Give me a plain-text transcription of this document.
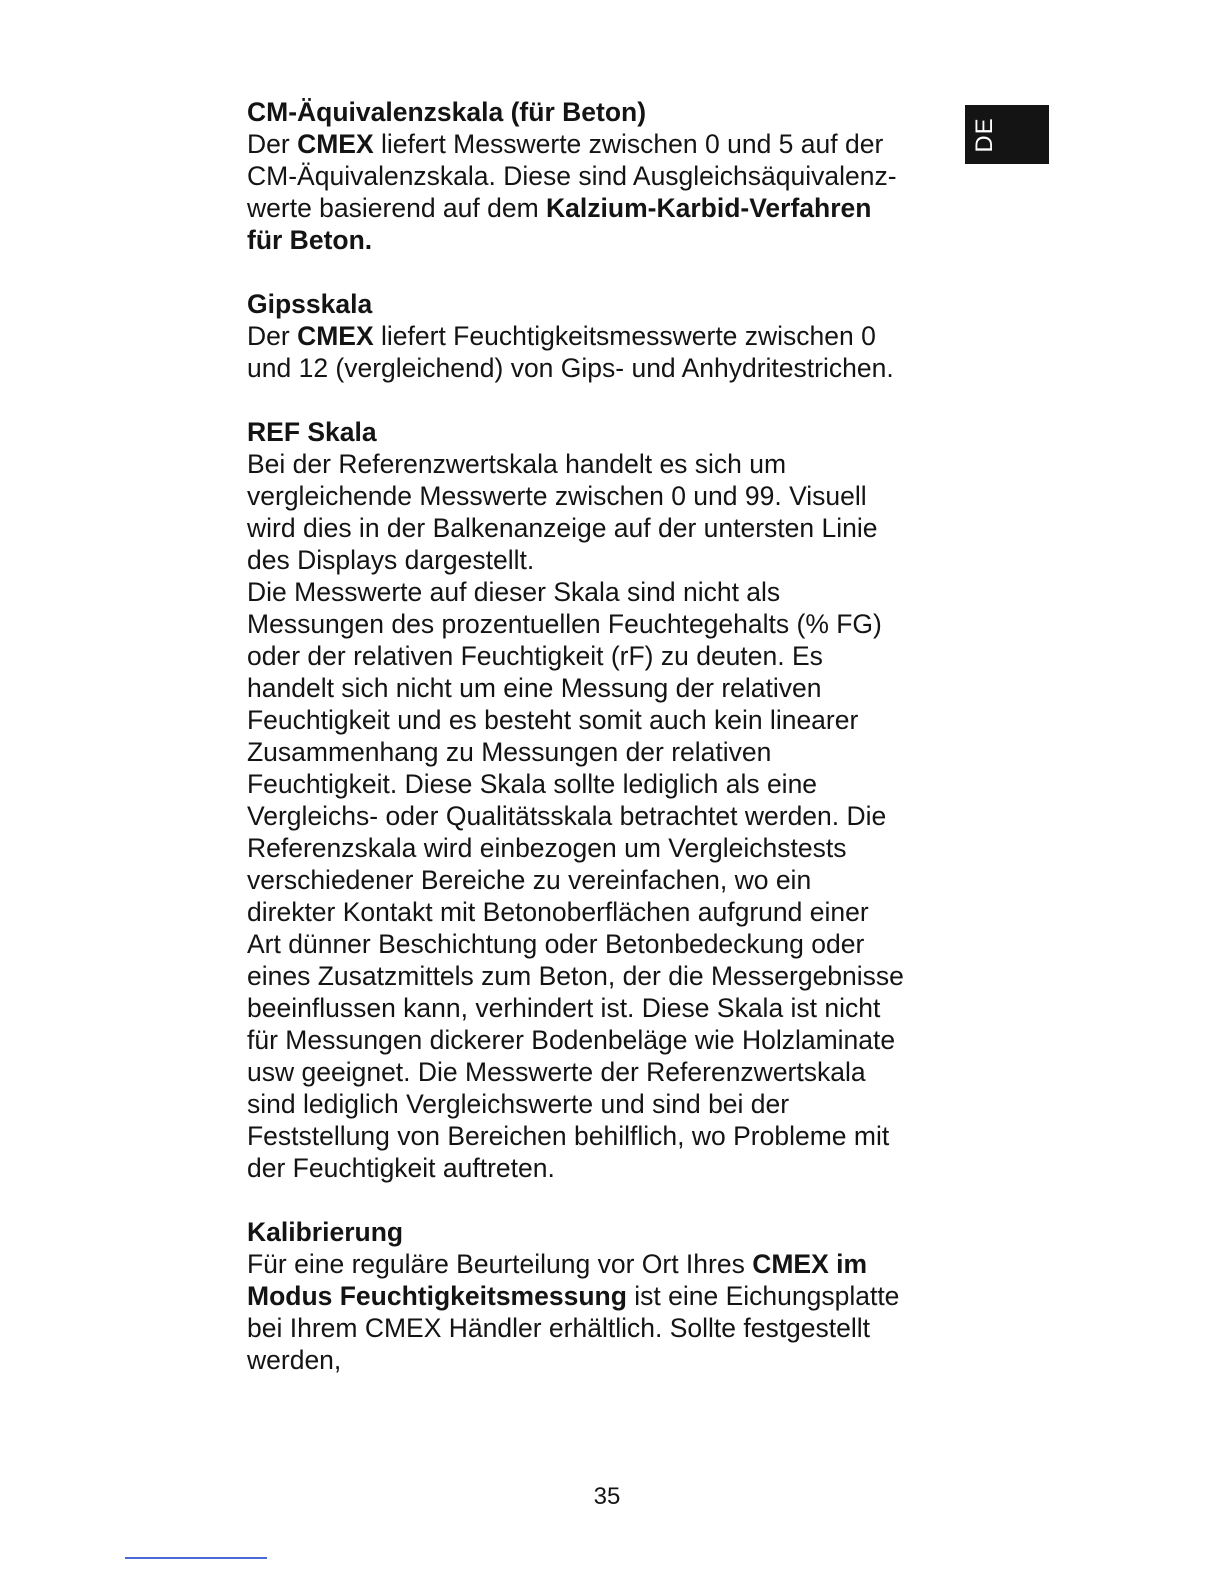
DE
CM-Äquivalenzskala (für Beton)

Der CMEX liefert Messwerte zwischen 0 und 5 auf der
CM-Äquivalenzskala. Diese sind Ausgleichsäquivalenz-
werte basierend auf dem Kalzium-Karbid-Verfahren
für Beton.

Gipsskala

Der CMEX liefert Feuchtigkeitsmesswerte zwischen 0
und 12 (vergleichend) von Gips- und Anhydritestrichen.

REF Skala

Bei der Referenzwertskala handelt es sich um
vergleichende Messwerte zwischen 0 und 99. Visuell
wird dies in der Balkenanzeige auf der untersten Linie
des Displays dargestellt.
Die Messwerte auf dieser Skala sind nicht als
Messungen des prozentuellen Feuchtegehalts (% FG)
oder der relativen Feuchtigkeit (rF) zu deuten. Es
handelt sich nicht um eine Messung der relativen
Feuchtigkeit und es besteht somit auch kein linearer
Zusammenhang zu Messungen der relativen
Feuchtigkeit. Diese Skala sollte lediglich als eine
Vergleichs- oder Qualitätsskala betrachtet werden. Die
Referenzskala wird einbezogen um Vergleichstests
verschiedener Bereiche zu vereinfachen, wo ein
direkter Kontakt mit Betonoberflächen aufgrund einer
Art dünner Beschichtung oder Betonbedeckung oder
eines Zusatzmittels zum Beton, der die Messergebnisse
beeinflussen kann, verhindert ist. Diese Skala ist nicht
für Messungen dickerer Bodenbeläge wie Holzlaminate
usw geeignet. Die Messwerte der Referenzwertskala
sind lediglich Vergleichswerte und sind bei der
Feststellung von Bereichen behilflich, wo Probleme mit
der Feuchtigkeit auftreten.

Kalibrierung

Für eine reguläre Beurteilung vor Ort Ihres CMEX im
Modus Feuchtigkeitsmessung ist eine Eichungsplatte
bei Ihrem CMEX Händler erhältlich. Sollte festgestellt
werden,

35
